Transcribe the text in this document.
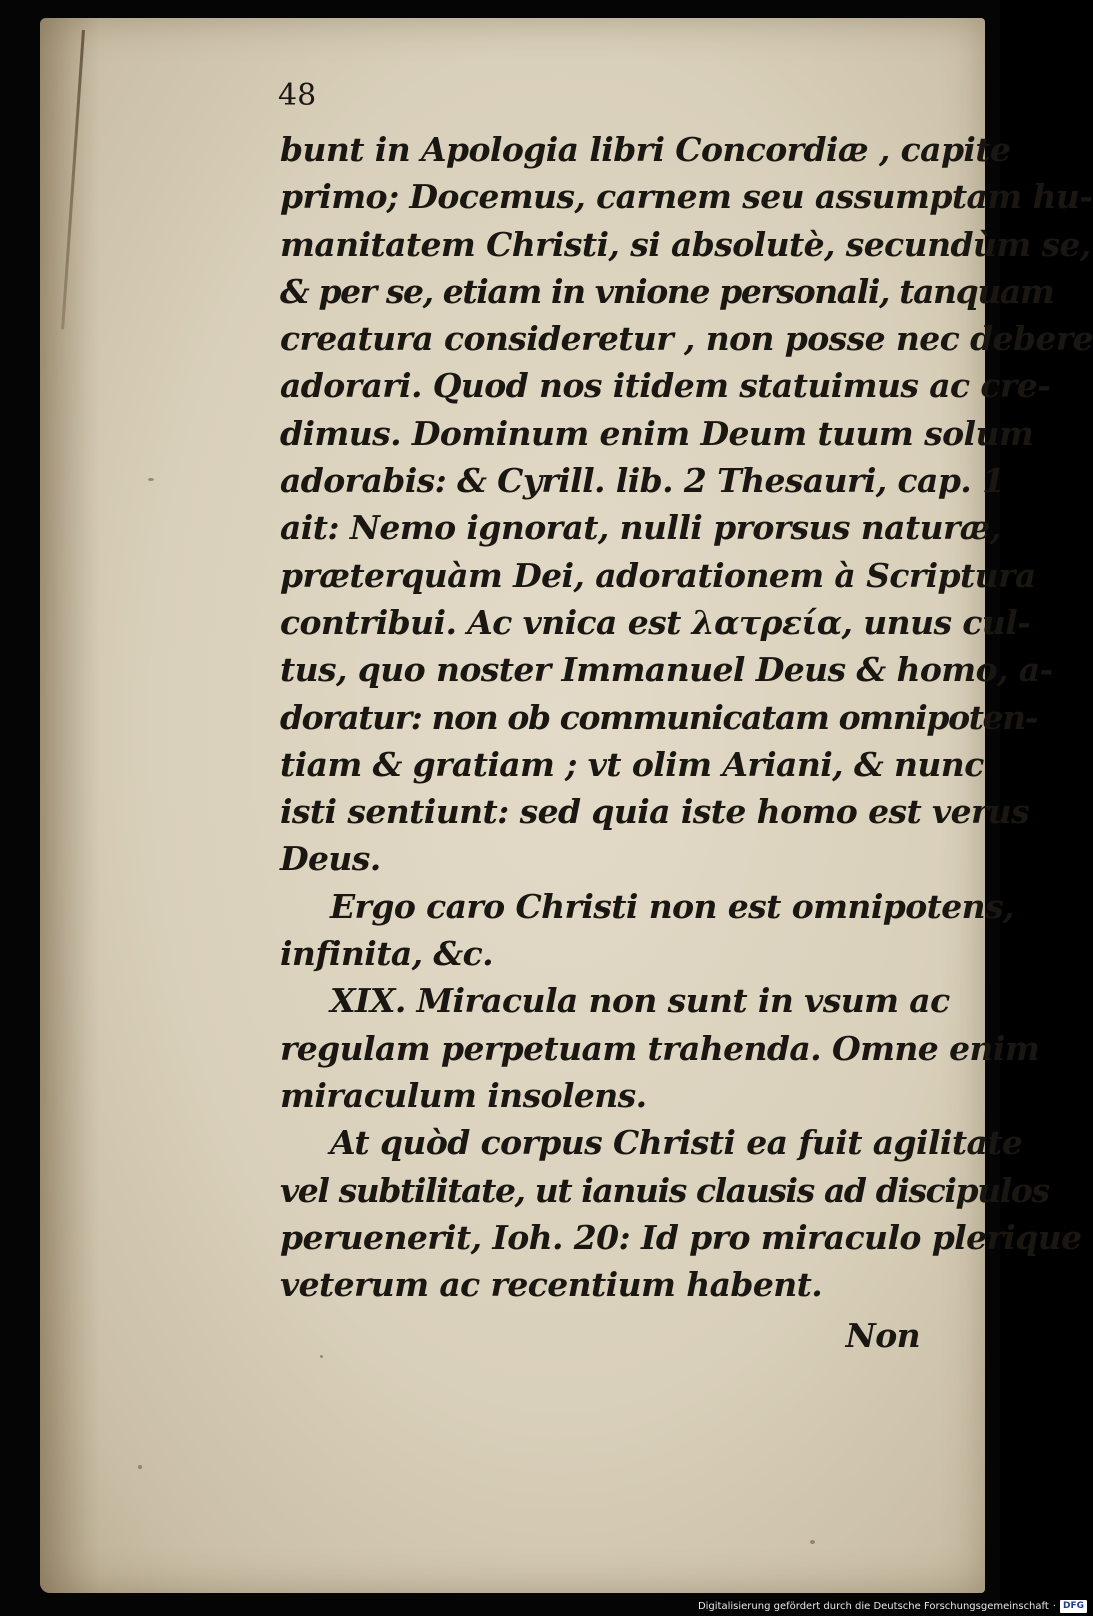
48
bunt in Apologia libri Concordiæ , capite
primo; Docemus, carnem seu assumptam hu-
manitatem Christi, si absolutè, secundùm se,
& per se, etiam in vnione personali, tanquam
creatura consideretur , non posse nec debere
adorari. Quod nos itidem statuimus ac cre-
dimus. Dominum enim Deum tuum solum
adorabis: & Cyrill. lib. 2 Thesauri, cap. 1
ait: Nemo ignorat, nulli prorsus naturæ,
præterquàm Dei, adorationem à Scriptura
contribui. Ac vnica est λατρεία, unus cul-
tus, quo noster Immanuel Deus & homo, a-
doratur: non ob communicatam omnipoten-
tiam & gratiam ; vt olim Ariani, & nunc
isti sentiunt: sed quia iste homo est verus
Deus.
Ergo caro Christi non est omnipotens,
infinita, &c.
XIX. Miracula non sunt in vsum ac
regulam perpetuam trahenda. Omne enim
miraculum insolens.
At quòd corpus Christi ea fuit agilitate
vel subtilitate, ut ianuis clausis ad discipulos
peruenerit, Ioh. 20: Id pro miraculo plerique
veterum ac recentium habent.
Non
Digitalisierung gefördert durch die Deutsche Forschungsgemeinschaft · DFG
